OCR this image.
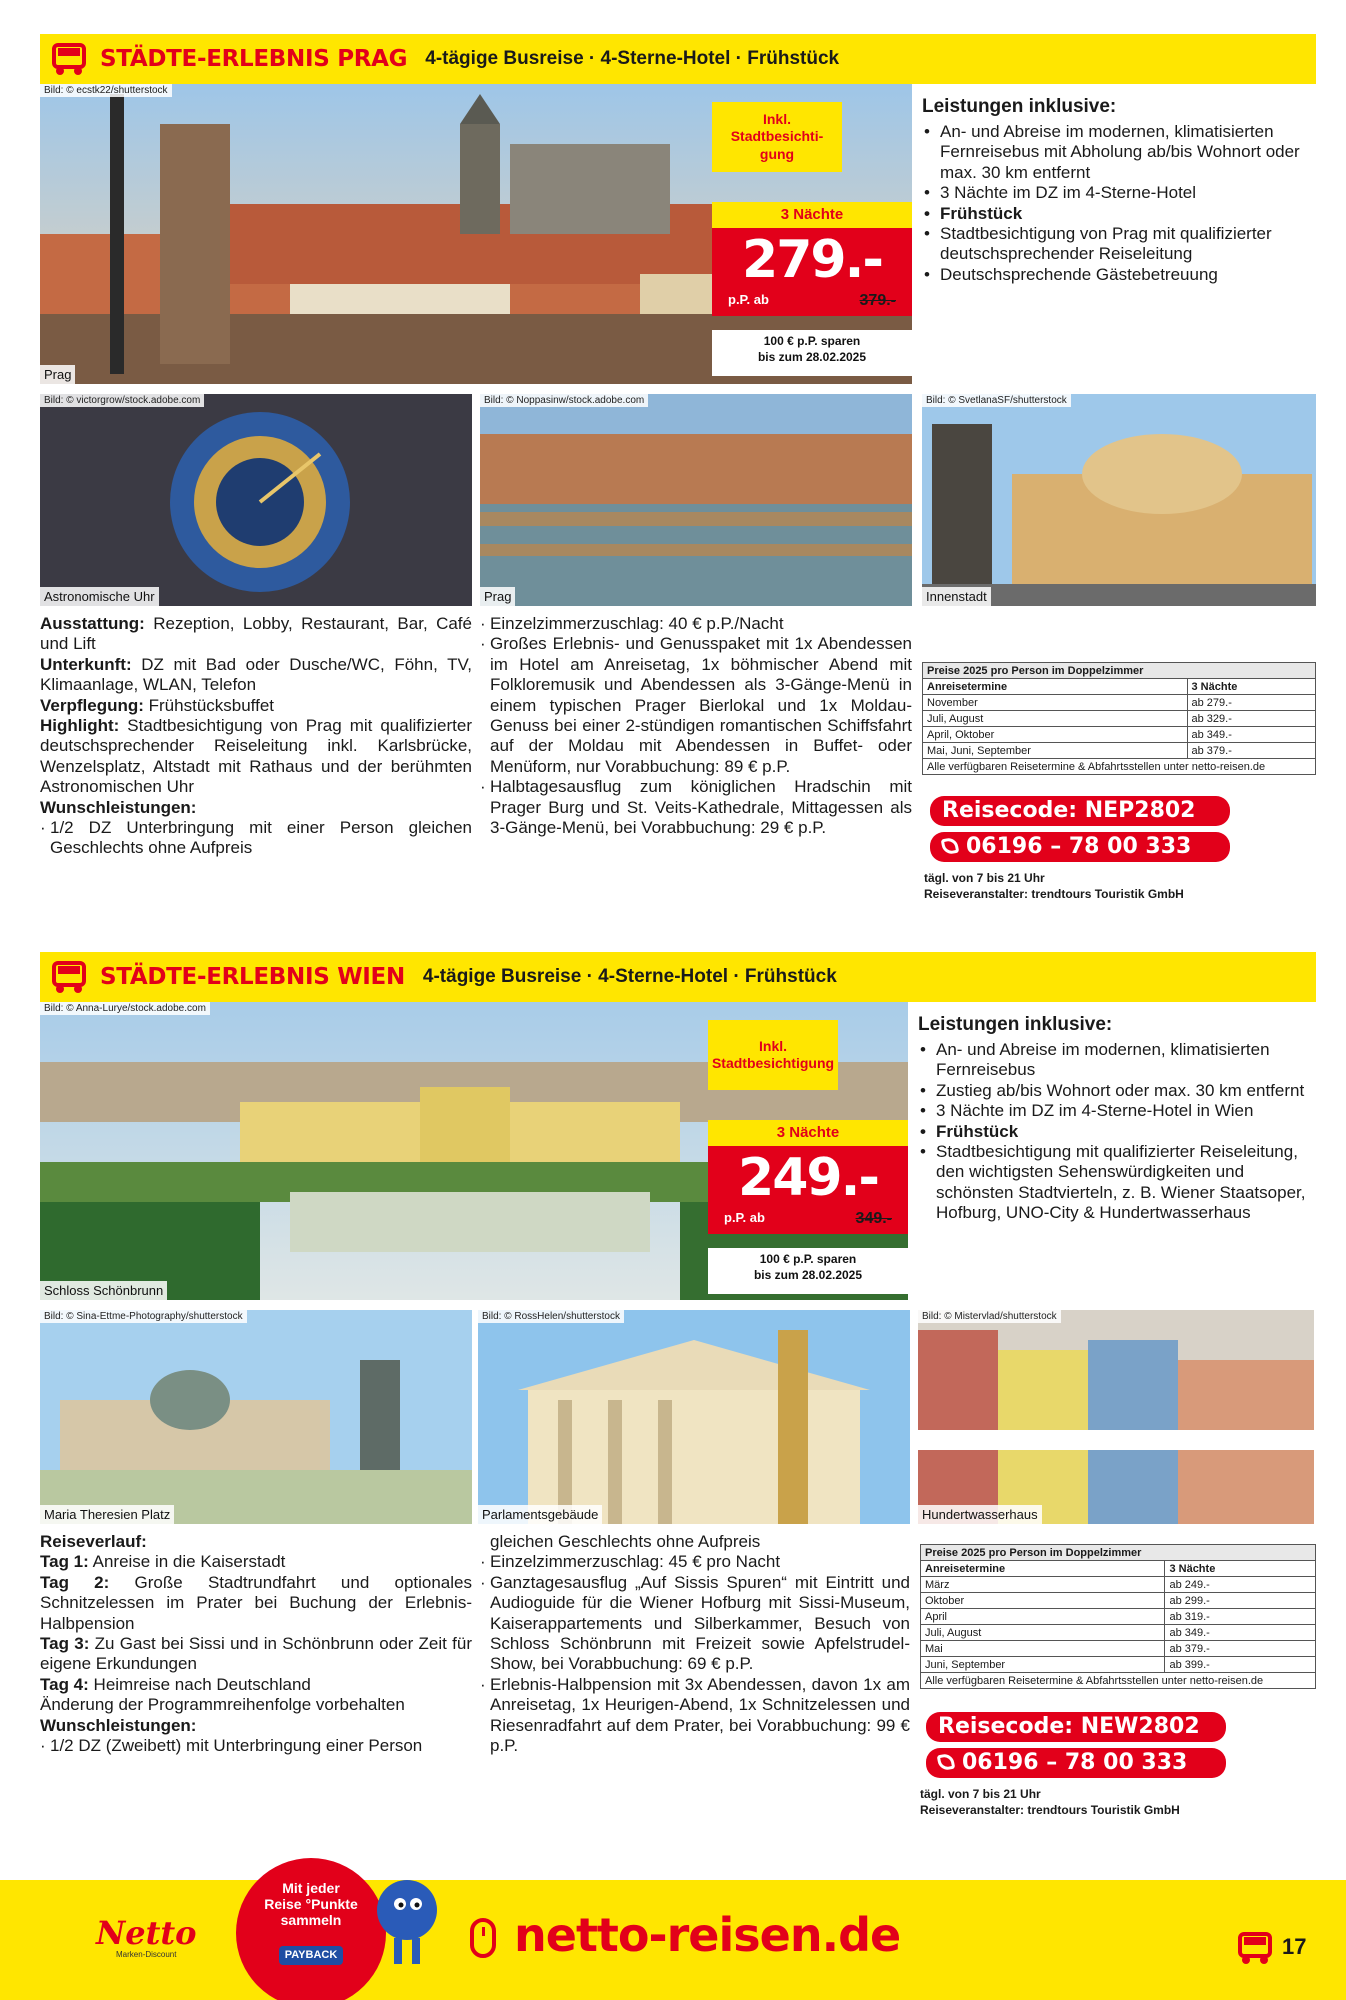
STÄDTE-ERLEBNIS PRAG 4-tägige Busreise · 4-Sterne-Hotel · Frühstück
Bild: © ecstk22/shutterstock
Prag
Inkl. Stadtbesichti-gung
3 Nächte
279.-
p.P. ab	379.-
100 € p.P. sparen
bis zum 28.02.2025
Leistungen inklusive:
• An- und Abreise im modernen, klimatisierten Fernreisebus mit Abholung ab/bis Wohnort oder max. 30 km entfernt
• 3 Nächte im DZ im 4-Sterne-Hotel
• Frühstück
• Stadtbesichtigung von Prag mit qualifizierter deutschsprechender Reiseleitung
• Deutschsprechende Gästebetreuung
Bild: © victorgrow/stock.adobe.com
Astronomische Uhr
Bild: © Noppasinw/stock.adobe.com
Prag
Bild: © SvetlanaSF/shutterstock
Innenstadt

Ausstattung: Rezeption, Lobby, Restaurant, Bar, Café und Lift

Unterkunft: DZ mit Bad oder Dusche/WC, Föhn, TV, Klimaanlage, WLAN, Telefon

Verpflegung: Frühstücksbuffet

Highlight: Stadtbesichtigung von Prag mit qualifizierter deutschsprechender Reiseleitung inkl. Karlsbrücke, Wenzelsplatz, Altstadt mit Rathaus und der berühmten Astronomischen Uhr

Wunschleistungen:

· 1/2 DZ Unterbringung mit einer Person gleichen Geschlechts ohne Aufpreis
· Einzelzimmerzuschlag: 40 € p.P./Nacht
· Großes Erlebnis- und Genusspaket mit 1x Abendessen im Hotel am Anreisetag, 1x böhmischer Abend mit Folkloremusik und Abendessen als 3-Gänge-Menü in einem typischen Prager Bierlokal und 1x Moldau-Genuss bei einer 2-stündigen romantischen Schiffsfahrt auf der Moldau mit Abendessen in Buffet- oder Menüform, nur Vorabbuchung: 89 € p.P.
· Halbtagesausflug zum königlichen Hradschin mit Prager Burg und St. Veits-Kathedrale, Mittagessen als 3-Gänge-Menü, bei Vorabbuchung: 29 € p.P.
Preise 2025 pro Person im Doppelzimmer	
Anreisetermine	3 Nächte
November	ab 279.-
Juli, August	ab 329.-
April, Oktober	ab 349.-
Mai, Juni, September	ab 379.-
Alle verfügbaren Reisetermine & Abfahrtsstellen unter netto-reisen.de	
Reisecode: NEP2802
06196 – 78 00 333
tägl. von 7 bis 21 Uhr
Reiseveranstalter: trendtours Touristik GmbH
STÄDTE-ERLEBNIS WIEN 4-tägige Busreise · 4-Sterne-Hotel · Frühstück
Bild: © Anna-Lurye/stock.adobe.com
Schloss Schönbrunn
Inkl. Stadtbesichtigung
3 Nächte
249.-
p.P. ab	349.-
100 € p.P. sparen
bis zum 28.02.2025
Leistungen inklusive:
• An- und Abreise im modernen, klimatisierten Fernreisebus
• Zustieg ab/bis Wohnort oder max. 30 km entfernt
• 3 Nächte im DZ im 4-Sterne-Hotel in Wien
• Frühstück
• Stadtbesichtigung mit qualifizierter Reiseleitung, den wichtigsten Sehenswürdigkeiten und schönsten Stadtvierteln, z. B. Wiener Staatsoper, Hofburg, UNO-City & Hundertwasserhaus
Bild: © Sina-Ettme-Photography/shutterstock
Maria Theresien Platz
Bild: © RossHelen/shutterstock
Parlamentsgebäude
Bild: © Mistervlad/shutterstock
Hundertwasserhaus

Reiseverlauf:

Tag 1: Anreise in die Kaiserstadt

Tag 2: Große Stadtrundfahrt und optionales Schnitzelessen im Prater bei Buchung der Erlebnis-Halbpension

Tag 3: Zu Gast bei Sissi und in Schönbrunn oder Zeit für eigene Erkundungen

Tag 4: Heimreise nach Deutschland

Änderung der Programmreihenfolge vorbehalten

Wunschleistungen:

· 1/2 DZ (Zweibett) mit Unterbringung einer Person

gleichen Geschlechts ohne Aufpreis

· Einzelzimmerzuschlag: 45 € pro Nacht
· Ganztagesausflug „Auf Sissis Spuren“ mit Eintritt und Audioguide für die Wiener Hofburg mit Sissi-Museum, Kaiserappartements und Silberkammer, Besuch von Schloss Schönbrunn mit Freizeit sowie Apfelstrudel-Show, bei Vorabbuchung: 69 € p.P.
· Erlebnis-Halbpension mit 3x Abendessen, davon 1x am Anreisetag, 1x Heurigen-Abend, 1x Schnitzelessen und Riesenradfahrt auf dem Prater, bei Vorabbuchung: 99 € p.P.
Preise 2025 pro Person im Doppelzimmer	
Anreisetermine	3 Nächte
März	ab 249.-
Oktober	ab 299.-
April	ab 319.-
Juli, August	ab 349.-
Mai	ab 379.-
Juni, September	ab 399.-
Alle verfügbaren Reisetermine & Abfahrtsstellen unter netto-reisen.de	
Reisecode: NEW2802
06196 – 78 00 333
tägl. von 7 bis 21 Uhr
Reiseveranstalter: trendtours Touristik GmbH
Netto
Marken-Discount
Mit jeder
Reise °Punkte
sammeln
PAYBACK	netto-reisen.de	17
